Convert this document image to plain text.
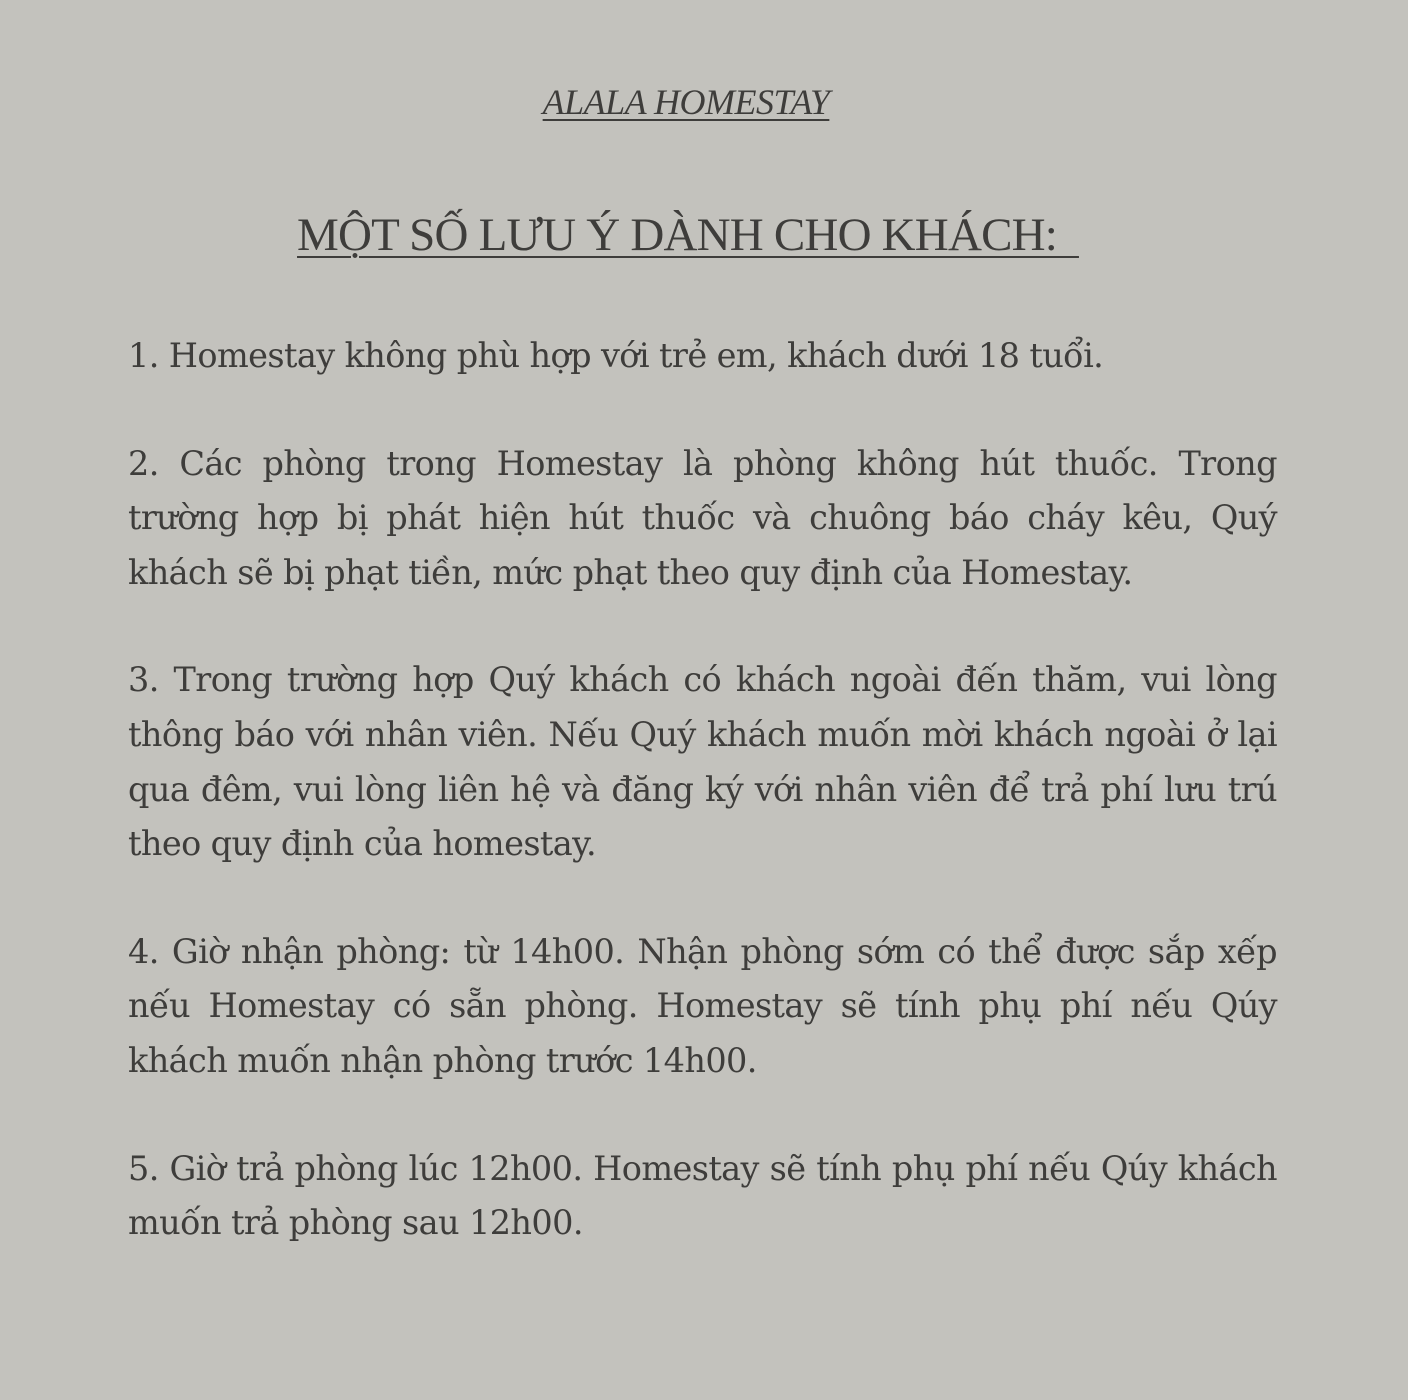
ALALA HOMESTAY
MỘT SỐ LƯU Ý DÀNH CHO KHÁCH:
1. Homestay không phù hợp với trẻ em, khách dưới 18 tuổi.
2. Các phòng trong Homestay là phòng không hút thuốc. Trong trường hợp bị phát hiện hút thuốc và chuông báo cháy kêu, Quý khách sẽ bị phạt tiền, mức phạt theo quy định của Homestay.
3. Trong trường hợp Quý khách có khách ngoài đến thăm, vui lòng thông báo với nhân viên. Nếu Quý khách muốn mời khách ngoài ở lại qua đêm, vui lòng liên hệ và đăng ký với nhân viên để trả phí lưu trú theo quy định của homestay.
4. Giờ nhận phòng: từ 14h00. Nhận phòng sớm có thể được sắp xếp nếu Homestay có sẵn phòng. Homestay sẽ tính phụ phí nếu Qúy khách muốn nhận phòng trước 14h00.
5. Giờ trả phòng lúc 12h00. Homestay sẽ tính phụ phí nếu Qúy khách muốn trả phòng sau 12h00.
